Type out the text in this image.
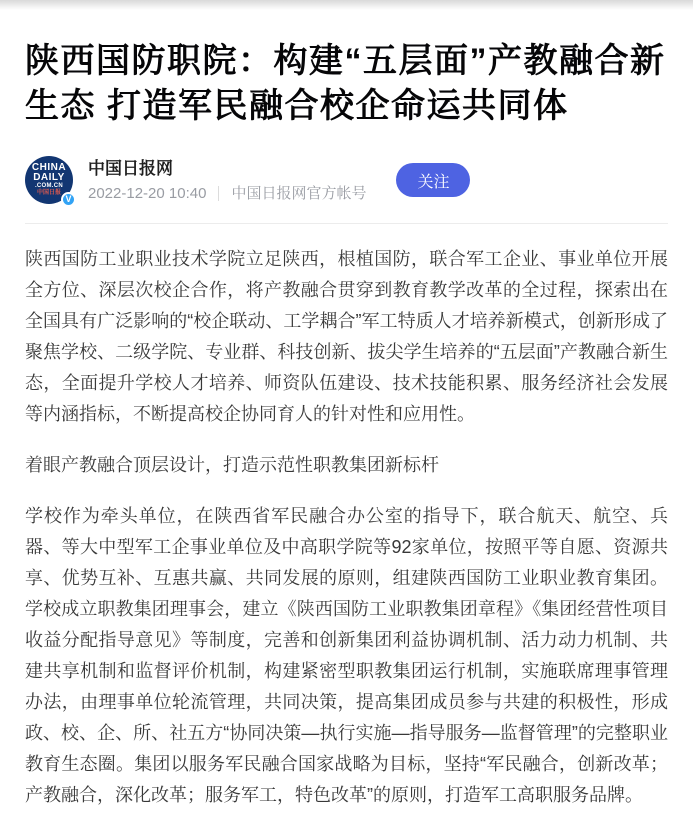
陕西国防职院：构建“五层面”产教融合新生态 打造军民融合校企命运共同体
CHINA
DAILY
.COM.CN
中国日报
V
中国日报网
2022-12-20 10:40 中国日报网官方帐号
关注

陕西国防工业职业技术学院立足陕西，根植国防，联合军工企业、事业单位开展全方位、深层次校企合作，将产教融合贯穿到教育教学改革的全过程，探索出在全国具有广泛影响的“校企联动、工学耦合”军工特质人才培养新模式，创新形成了聚焦学校、二级学院、专业群、科技创新、拔尖学生培养的“五层面”产教融合新生态，全面提升学校人才培养、师资队伍建设、技术技能积累、服务经济社会发展等内涵指标，不断提高校企协同育人的针对性和应用性。

着眼产教融合顶层设计，打造示范性职教集团新标杆

学校作为牵头单位，在陕西省军民融合办公室的指导下，联合航天、航空、兵器、等大中型军工企事业单位及中高职学院等92家单位，按照平等自愿、资源共享、优势互补、互惠共赢、共同发展的原则，组建陕西国防工业职业教育集团。学校成立职教集团理事会，建立《陕西国防工业职教集团章程》《集团经营性项目收益分配指导意见》等制度，完善和创新集团利益协调机制、活力动力机制、共建共享机制和监督评价机制，构建紧密型职教集团运行机制，实施联席理事管理办法，由理事单位轮流管理，共同决策，提高集团成员参与共建的积极性，形成政、校、企、所、社五方“协同决策—执行实施—指导服务—监督管理”的完整职业教育生态圈。集团以服务军民融合国家战略为目标，坚持“军民融合，创新改革；产教融合，深化改革；服务军工，特色改革”的原则，打造军工高职服务品牌。
